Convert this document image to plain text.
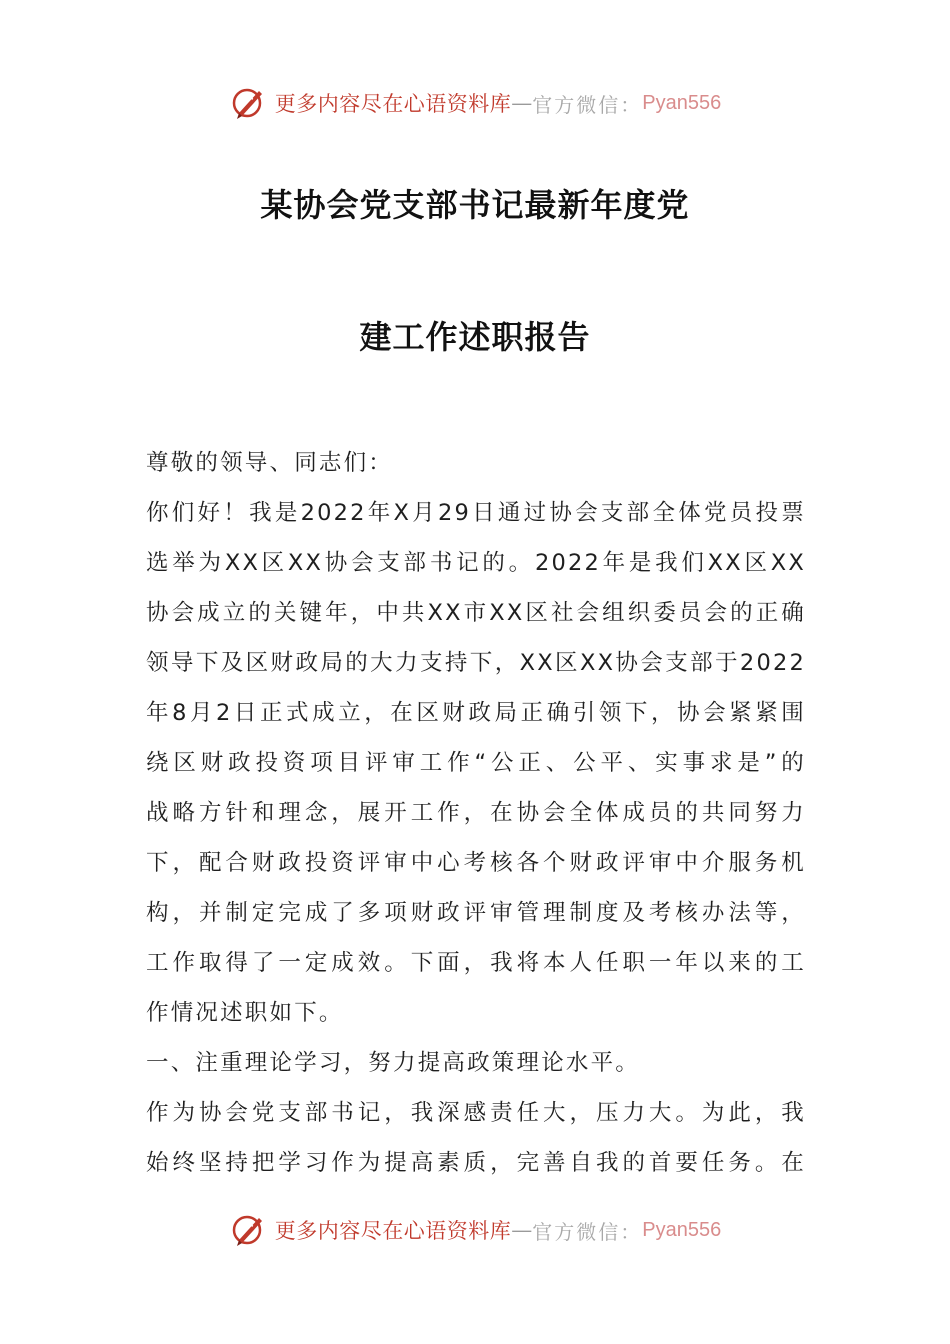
更多内容尽在心语资料库 — 官方微信： Pyan556
某协会党支部书记最新年度党
建工作述职报告
尊敬的领导、同志们：
你们好！我是2022年X月29日通过协会支部全体党员投票
选举为XX区XX协会支部书记的。2022年是我们XX区XX
协会成立的关键年，中共XX市XX区社会组织委员会的正确
领导下及区财政局的大力支持下，XX区XX协会支部于2022
年8月2日正式成立，在区财政局正确引领下，协会紧紧围
绕区财政投资项目评审工作“公正、公平、实事求是”的
战略方针和理念，展开工作，在协会全体成员的共同努力
下，配合财政投资评审中心考核各个财政评审中介服务机
构，并制定完成了多项财政评审管理制度及考核办法等，
工作取得了一定成效。下面，我将本人任职一年以来的工
作情况述职如下。
一、注重理论学习，努力提高政策理论水平。
作为协会党支部书记，我深感责任大，压力大。为此，我
始终坚持把学习作为提高素质，完善自我的首要任务。在
更多内容尽在心语资料库 — 官方微信： Pyan556
